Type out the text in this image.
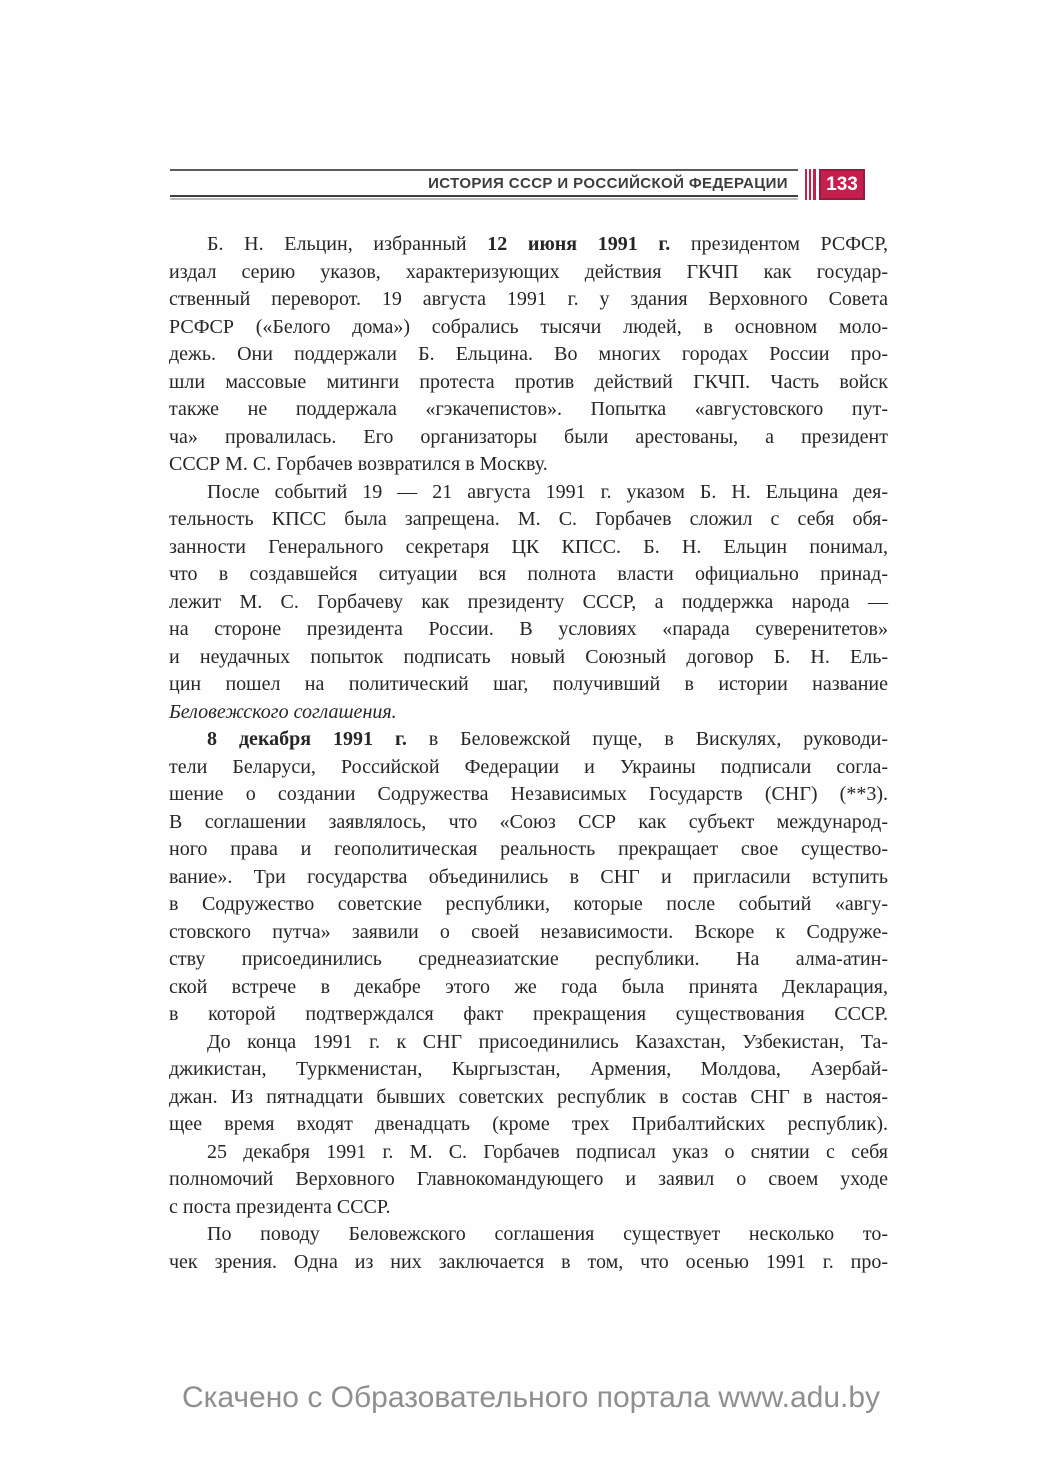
ИСТОРИЯ СССР И РОССИЙСКОЙ ФЕДЕРАЦИИ	133
Б. Н. Ельцин, избранный 12 июня 1991 г. президентом РСФСР,
издал серию указов, характеризующих действия ГКЧП как государ-
ственный переворот. 19 августа 1991 г. у здания Верховного Совета
РСФСР («Белого дома») собрались тысячи людей, в основном моло-
дежь. Они поддержали Б. Ельцина. Во многих городах России про-
шли массовые митинги протеста против действий ГКЧП. Часть войск
также не поддержала «гэкачепистов». Попытка «августовского пут-
ча» провалилась. Его организаторы были арестованы, а президент
СССР М. С. Горбачев возвратился в Москву.
После событий 19 — 21 августа 1991 г. указом Б. Н. Ельцина дея-
тельность КПСС была запрещена. М. С. Горбачев сложил с себя обя-
занности Генерального секретаря ЦК КПСС. Б. Н. Ельцин понимал,
что в создавшейся ситуации вся полнота власти официально принад-
лежит М. С. Горбачеву как президенту СССР, а поддержка народа —
на стороне президента России. В условиях «парада суверенитетов»
и неудачных попыток подписать новый Союзный договор Б. Н. Ель-
цин пошел на политический шаг, получивший в истории название
Беловежского соглашения.
8 декабря 1991 г. в Беловежской пуще, в Вискулях, руководи-
тели Беларуси, Российской Федерации и Украины подписали согла-
шение о создании Содружества Независимых Государств (СНГ) (**3).
В соглашении заявлялось, что «Союз ССР как субъект международ-
ного права и геополитическая реальность прекращает свое существо-
вание». Три государства объединились в СНГ и пригласили вступить
в Содружество советские республики, которые после событий «авгу-
стовского путча» заявили о своей независимости. Вскоре к Содруже-
ству присоединились среднеазиатские республики. На алма-атин-
ской встрече в декабре этого же года была принята Декларация,
в которой подтверждался факт прекращения существования СССР.
До конца 1991 г. к СНГ присоединились Казахстан, Узбекистан, Та-
джикистан, Туркменистан, Кыргызстан, Армения, Молдова, Азербай-
джан. Из пятнадцати бывших советских республик в состав СНГ в настоя-
щее время входят двенадцать (кроме трех Прибалтийских республик).
25 декабря 1991 г. М. С. Горбачев подписал указ о снятии с себя
полномочий Верховного Главнокомандующего и заявил о своем уходе
с поста президента СССР.
По поводу Беловежского соглашения существует несколько то-
чек зрения. Одна из них заключается в том, что осенью 1991 г. про-
Скачено с Образовательного портала www.adu.by
